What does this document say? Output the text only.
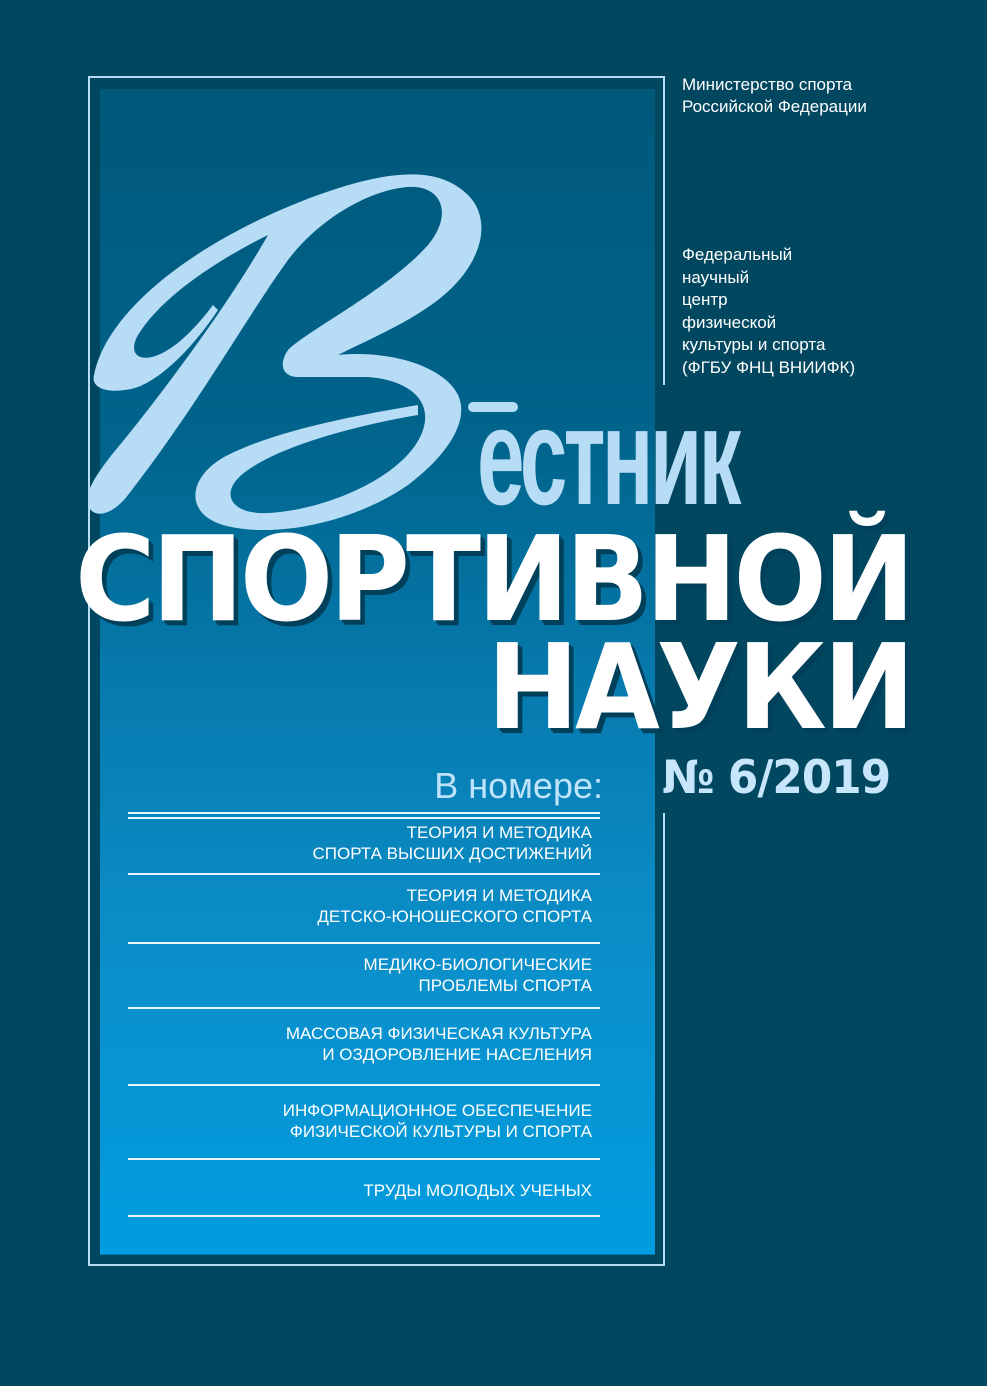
естник
СПОРТИВНОЙ
НАУКИ
Министерство спорта
Российской Федерации
Федеральный
научный
центр
физической
культуры и спорта
(ФГБУ ФНЦ ВНИИФК)
№ 6/2019
В номере:
ТЕОРИЯ И МЕТОДИКА
СПОРТА ВЫСШИХ ДОСТИЖЕНИЙ
ТЕОРИЯ И МЕТОДИКА
ДЕТСКО-ЮНОШЕСКОГО СПОРТА
МЕДИКО-БИОЛОГИЧЕСКИЕ
ПРОБЛЕМЫ СПОРТА
МАССОВАЯ ФИЗИЧЕСКАЯ КУЛЬТУРА
И ОЗДОРОВЛЕНИЕ НАСЕЛЕНИЯ
ИНФОРМАЦИОННОЕ ОБЕСПЕЧЕНИЕ
ФИЗИЧЕСКОЙ КУЛЬТУРЫ И СПОРТА
ТРУДЫ МОЛОДЫХ УЧЕНЫХ
